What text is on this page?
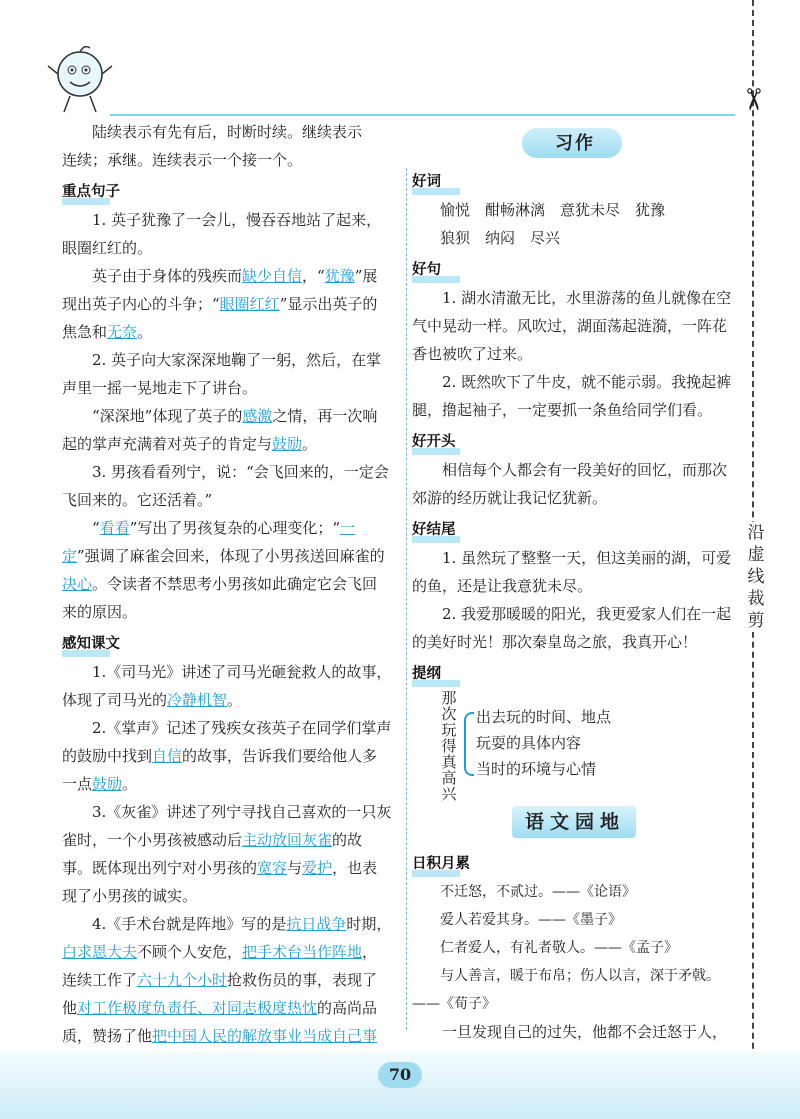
✂
沿
虚
线
裁
剪

陆续表示有先有后，时断时续。继续表示
连续；承继。连续表示一个接一个。

重点句子

1. 英子犹豫了一会儿，慢吞吞地站了起来，眼圈红红的。

英子由于身体的残疾而缺少自信，“犹豫”展现出英子内心的斗争；“眼圈红红”显示出英子的焦急和无奈。

2. 英子向大家深深地鞠了一躬，然后，在掌声里一摇一晃地走下了讲台。

“深深地”体现了英子的感激之情，再一次响起的掌声充满着对英子的肯定与鼓励。

3. 男孩看看列宁，说：“会飞回来的，一定会飞回来的。它还活着。”

“看看”写出了男孩复杂的心理变化；“一定”强调了麻雀会回来，体现了小男孩送回麻雀的决心。令读者不禁思考小男孩如此确定它会飞回来的原因。

感知课文

1.《司马光》讲述了司马光砸瓮救人的故事，体现了司马光的冷静机智。

2.《掌声》记述了残疾女孩英子在同学们掌声的鼓励中找到自信的故事，告诉我们要给他人多一点鼓励。

3.《灰雀》讲述了列宁寻找自己喜欢的一只灰雀时，一个小男孩被感动后主动放回灰雀的故事。既体现出列宁对小男孩的宽容与爱护，也表现了小男孩的诚实。

4.《手术台就是阵地》写的是抗日战争时期，白求恩大夫不顾个人安危，把手术台当作阵地，连续工作了六十九个小时抢救伤员的事，表现了他对工作极度负责任、对同志极度热忱的高尚品质，赞扬了他把中国人民的解放事业当成自己事

习作
好词

愉悦　酣畅淋漓　意犹未尽　犹豫

狼狈　纳闷　尽兴

好句

1. 湖水清澈无比，水里游荡的鱼儿就像在空气中晃动一样。风吹过，湖面荡起涟漪，一阵花香也被吹了过来。

2. 既然吹下了牛皮，就不能示弱。我挽起裤腿，撸起袖子，一定要抓一条鱼给同学们看。

好开头

相信每个人都会有一段美好的回忆，而那次郊游的经历就让我记忆犹新。

好结尾

1. 虽然玩了整整一天，但这美丽的湖，可爱的鱼，还是让我意犹未尽。

2. 我爱那暖暖的阳光，我更爱家人们在一起的美好时光！那次秦皇岛之旅，我真开心！

提纲
那次玩得真高兴
出去玩的时间、地点
玩耍的具体内容
当时的环境与心情
语文园地
日积月累

不迁怒，不贰过。——《论语》

爱人若爱其身。——《墨子》

仁者爱人，有礼者敬人。——《孟子》

与人善言，暖于布帛；伤人以言，深于矛戟。——《荀子》

一旦发现自己的过失，他都不会迁怒于人，

70
